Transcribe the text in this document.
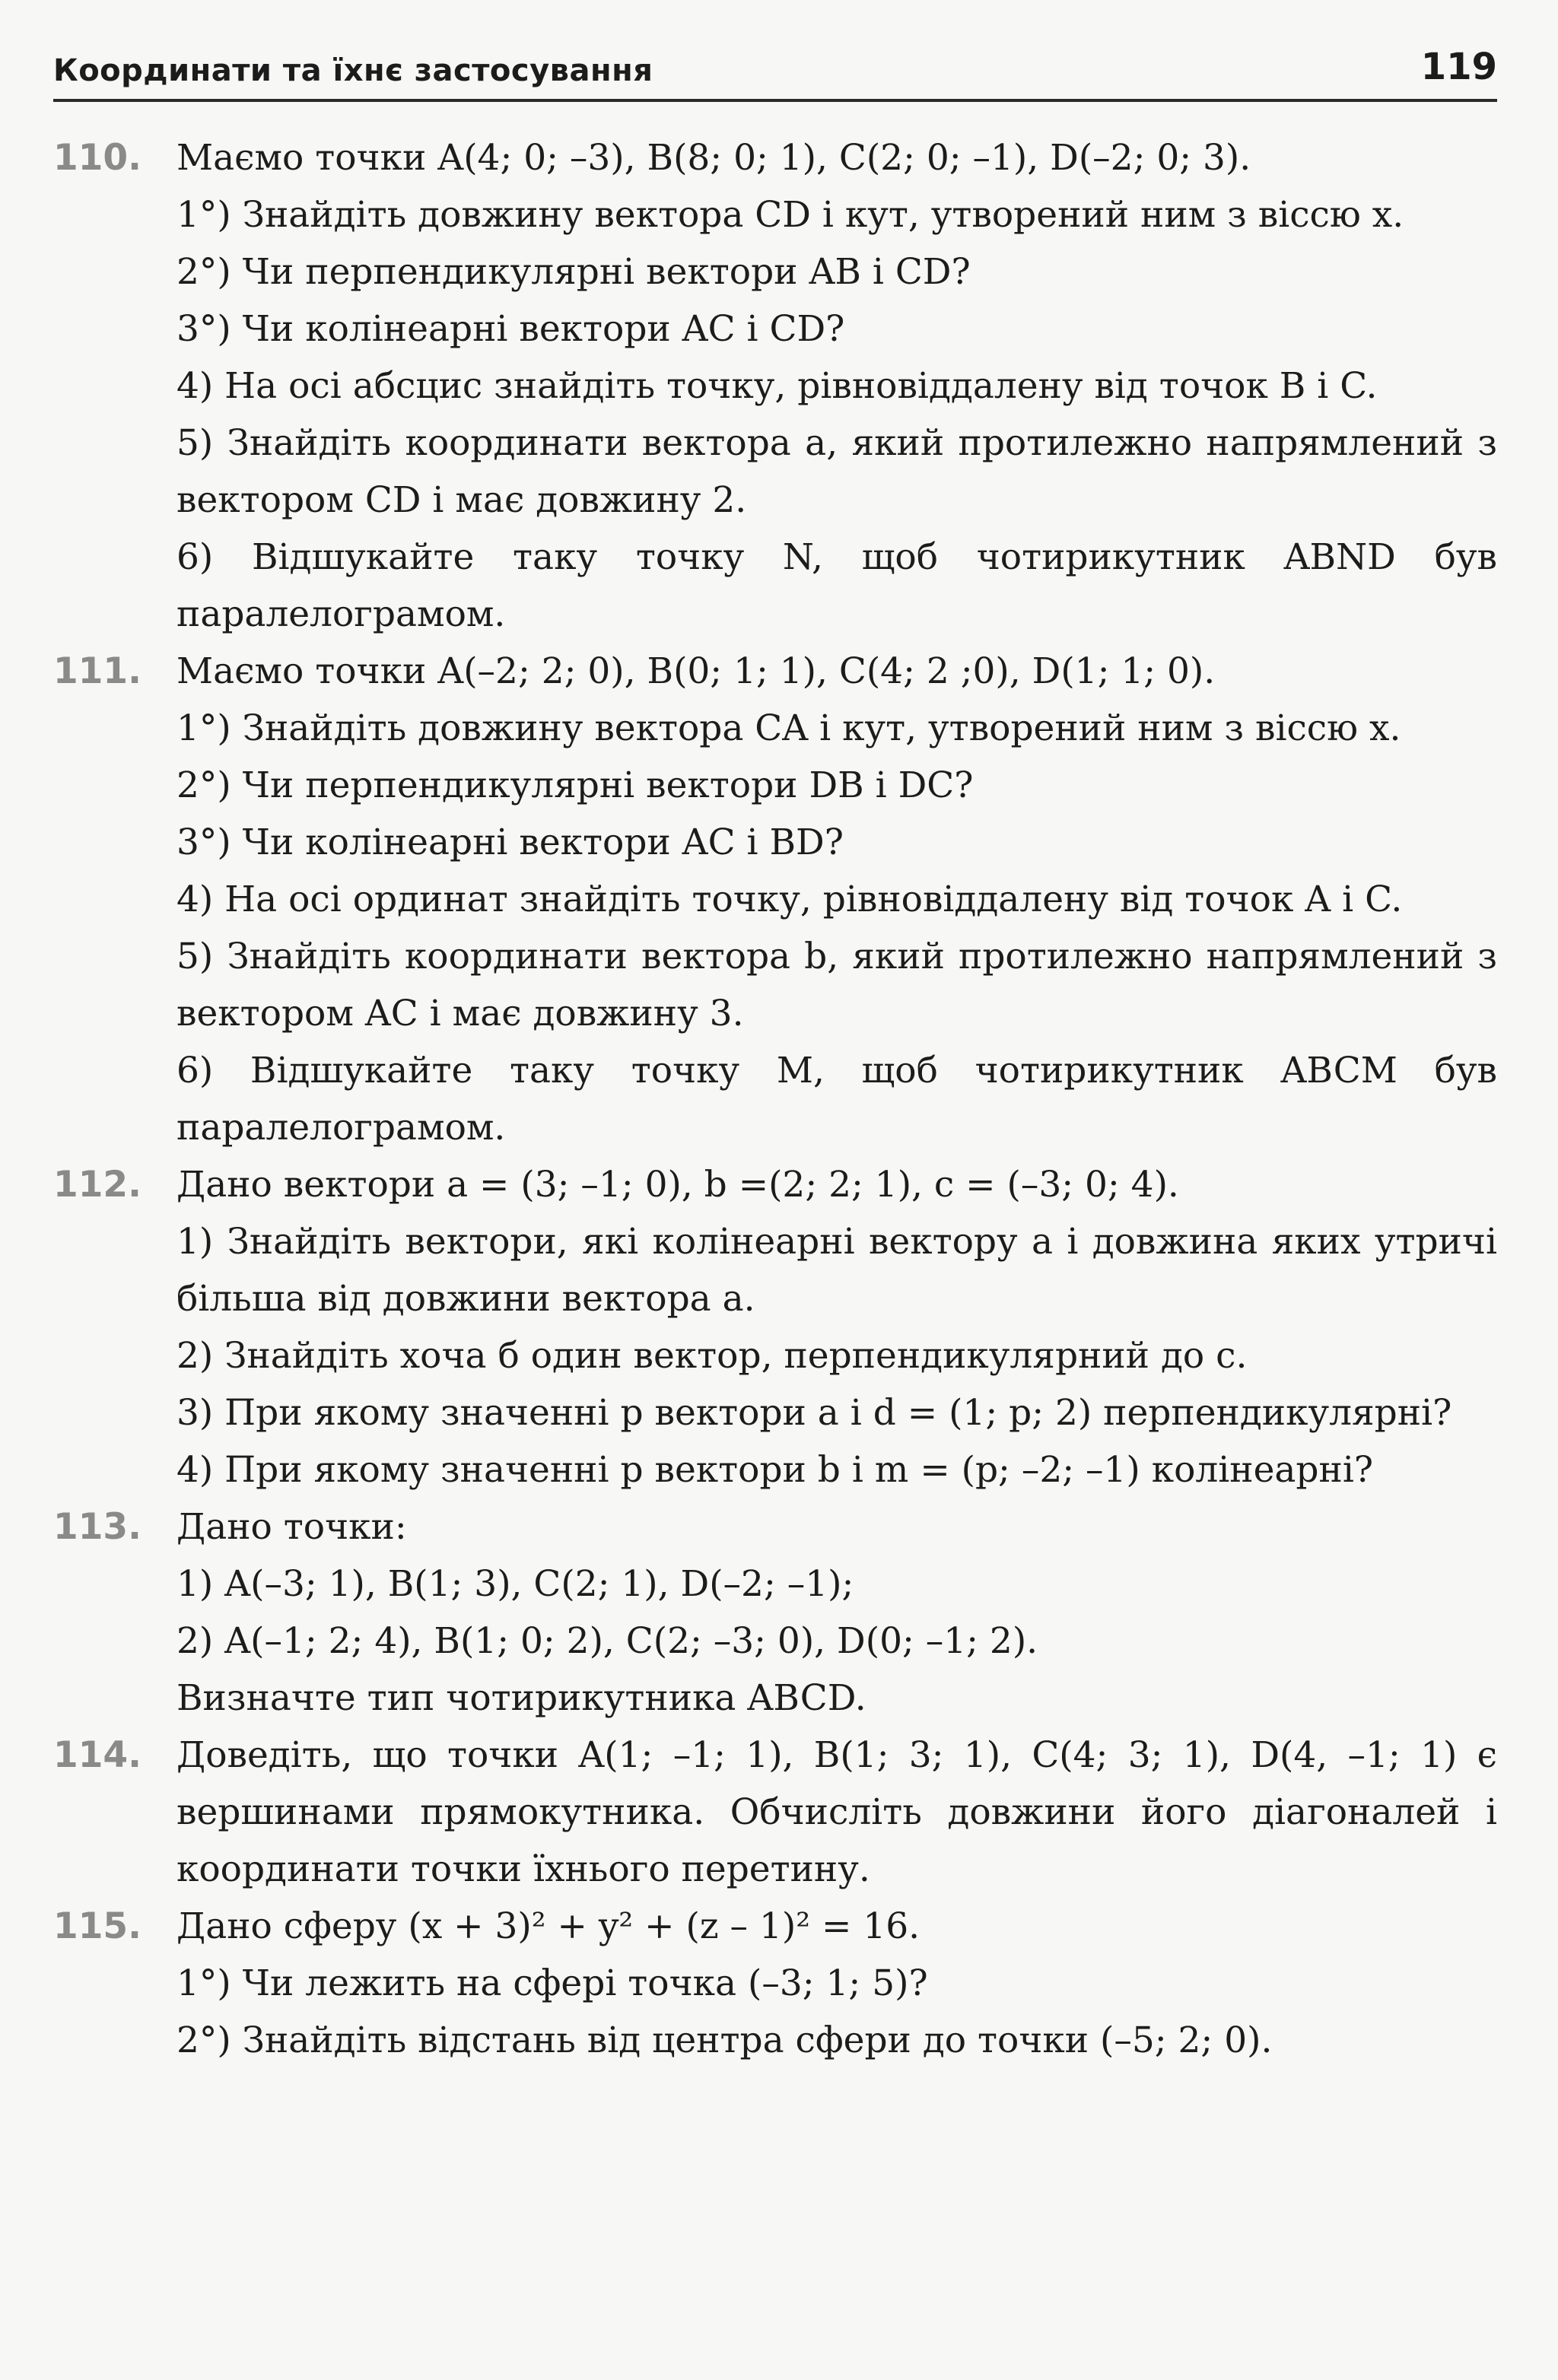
Координати та їхнє застосування	119
110. Маємо точки A(4; 0; –3), B(8; 0; 1), C(2; 0; –1), D(–2; 0; 3).
1°) Знайдіть довжину вектора CD і кут, утворений ним з віссю x.
2°) Чи перпендикулярні вектори AB і CD?
3°) Чи колінеарні вектори AC і CD?
4) На осі абсцис знайдіть точку, рівновіддалену від точок B і C.
5) Знайдіть координати вектора a, який протилежно напрямлений з вектором CD і має довжину 2.
6) Відшукайте таку точку N, щоб чотирикутник ABND був паралелограмом.
111. Маємо точки A(–2; 2; 0), B(0; 1; 1), C(4; 2 ;0), D(1; 1; 0).
1°) Знайдіть довжину вектора CA і кут, утворений ним з віссю x.
2°) Чи перпендикулярні вектори DB і DC?
3°) Чи колінеарні вектори AC і BD?
4) На осі ординат знайдіть точку, рівновіддалену від точок A і C.
5) Знайдіть координати вектора b, який протилежно напрямлений з вектором AC і має довжину 3.
6) Відшукайте таку точку M, щоб чотирикутник ABCM був паралелограмом.
112. Дано вектори a = (3; –1; 0), b =(2; 2; 1), c = (–3; 0; 4).
1) Знайдіть вектори, які колінеарні вектору a і довжина яких утричі більша від довжини вектора a.
2) Знайдіть хоча б один вектор, перпендикулярний до c.
3) При якому значенні p вектори a і d = (1; p; 2) перпендикулярні?
4) При якому значенні p вектори b і m = (p; –2; –1) колінеарні?
113. Дано точки:
1) A(–3; 1), B(1; 3), C(2; 1), D(–2; –1);
2) A(–1; 2; 4), B(1; 0; 2), C(2; –3; 0), D(0; –1; 2).
Визначте тип чотирикутника ABCD.
114. Доведіть, що точки A(1; –1; 1), B(1; 3; 1), C(4; 3; 1), D(4, –1; 1) є вершинами прямокутника. Обчисліть довжини його діагоналей і координати точки їхнього перетину.
115. Дано сферу (x + 3)² + y² + (z – 1)² = 16.
1°) Чи лежить на сфері точка (–3; 1; 5)?
2°) Знайдіть відстань від центра сфери до точки (–5; 2; 0).
